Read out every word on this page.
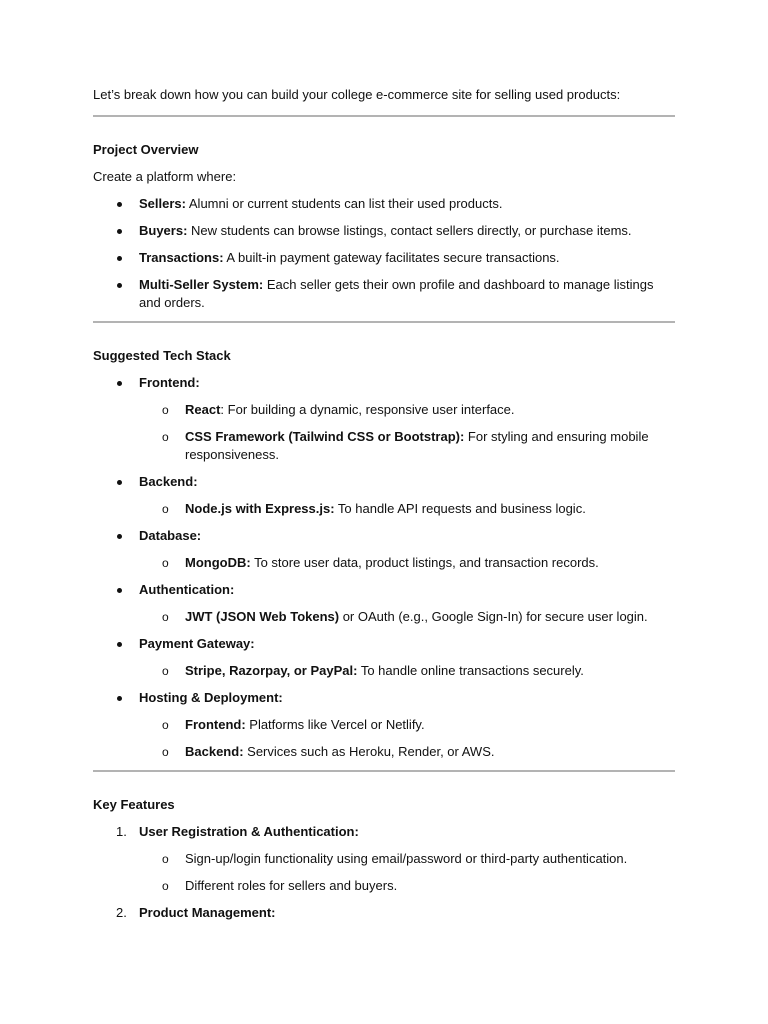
Let’s break down how you can build your college e-commerce site for selling used products:

Project Overview

Create a platform where:

Sellers: Alumni or current students can list their used products.
Buyers: New students can browse listings, contact sellers directly, or purchase items.
Transactions: A built-in payment gateway facilitates secure transactions.
Multi-Seller System: Each seller gets their own profile and dashboard to manage listings and orders.

Suggested Tech Stack

Frontend:
o React: For building a dynamic, responsive user interface.
o CSS Framework (Tailwind CSS or Bootstrap): For styling and ensuring mobile responsiveness.
Backend:
o Node.js with Express.js: To handle API requests and business logic.
Database:
o MongoDB: To store user data, product listings, and transaction records.
Authentication:
o JWT (JSON Web Tokens) or OAuth (e.g., Google Sign-In) for secure user login.
Payment Gateway:
o Stripe, Razorpay, or PayPal: To handle online transactions securely.
Hosting & Deployment:
o Frontend: Platforms like Vercel or Netlify.
o Backend: Services such as Heroku, Render, or AWS.

Key Features

1. User Registration & Authentication:
o Sign-up/login functionality using email/password or third-party authentication.
o Different roles for sellers and buyers.
2. Product Management:
